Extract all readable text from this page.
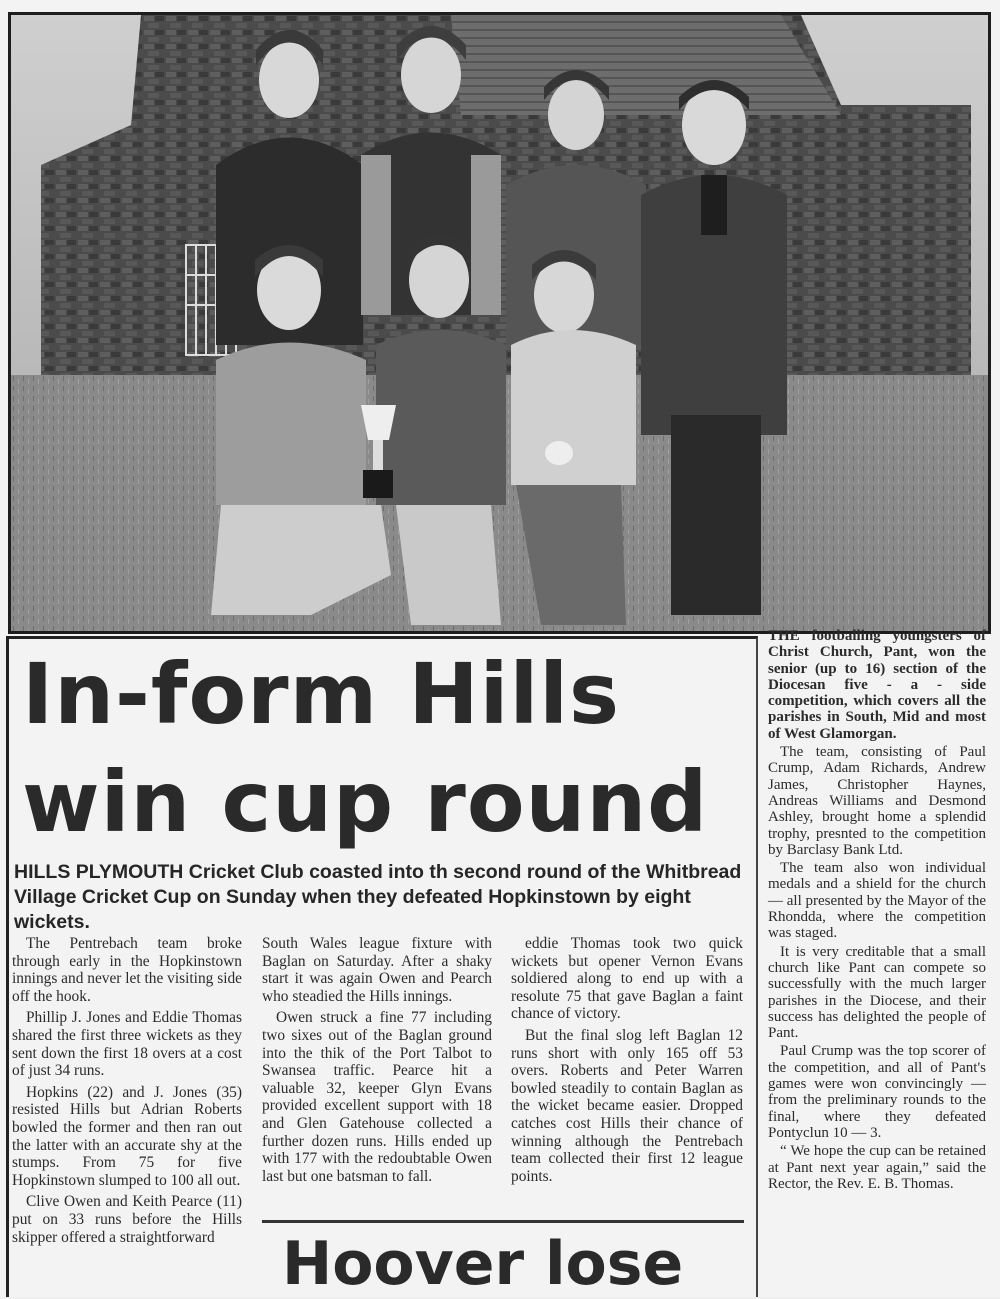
In-form Hills
win cup round
HILLS PLYMOUTH Cricket Club coasted into th second round of the Whitbread Village Cricket Cup on Sunday when they defeated Hopkinstown by eight wickets.

The Pentrebach team broke through early in the Hopkinstown innings and never let the visiting side off the hook.

Phillip J. Jones and Eddie Thomas shared the first three wickets as they sent down the first 18 overs at a cost of just 34 runs.

Hopkins (22) and J. Jones (35) resisted Hills but Adrian Roberts bowled the former and then ran out the latter with an accurate shy at the stumps. From 75 for five Hopkinstown slumped to 100 all out.

Clive Owen and Keith Pearce (11) put on 33 runs before the Hills skipper offered a straightforward

South Wales league fixture with Baglan on Saturday. After a shaky start it was again Owen and Pearch who steadied the Hills innings.

Owen struck a fine 77 including two sixes out of the Baglan ground into the thik of the Port Talbot to Swansea traffic. Pearce hit a valuable 32, keeper Glyn Evans provided excellent support with 18 and Glen Gatehouse collected a further dozen runs. Hills ended up with 177 with the redoubtable Owen last but one batsman to fall.

eddie Thomas took two quick wickets but opener Vernon Evans soldiered along to end up with a resolute 75 that gave Baglan a faint chance of victory.

But the final slog left Baglan 12 runs short with only 165 off 53 overs. Roberts and Peter Warren bowled steadily to contain Baglan as the wicket became easier. Dropped catches cost Hills their chance of winning although the Pentrebach team collected their first 12 league points.

Hoover lose

THE footballing youngsters of Christ Church, Pant, won the senior (up to 16) section of the Diocesan five - a - side competition, which covers all the parishes in South, Mid and most of West Glamorgan.

The team, consisting of Paul Crump, Adam Richards, Andrew James, Christopher Haynes, Andreas Williams and Desmond Ashley, brought home a splendid trophy, presnted to the competition by Barclasy Bank Ltd.

The team also won individual medals and a shield for the church — all presented by the Mayor of the Rhondda, where the competition was staged.

It is very creditable that a small church like Pant can compete so successfully with the much larger parishes in the Diocese, and their success has delighted the people of Pant.

Paul Crump was the top scorer of the competition, and all of Pant's games were won convincingly — from the preliminary rounds to the final, where they defeated Pontyclun 10 — 3.

“ We hope the cup can be retained at Pant next year again,” said the Rector, the Rev. E. B. Thomas.
